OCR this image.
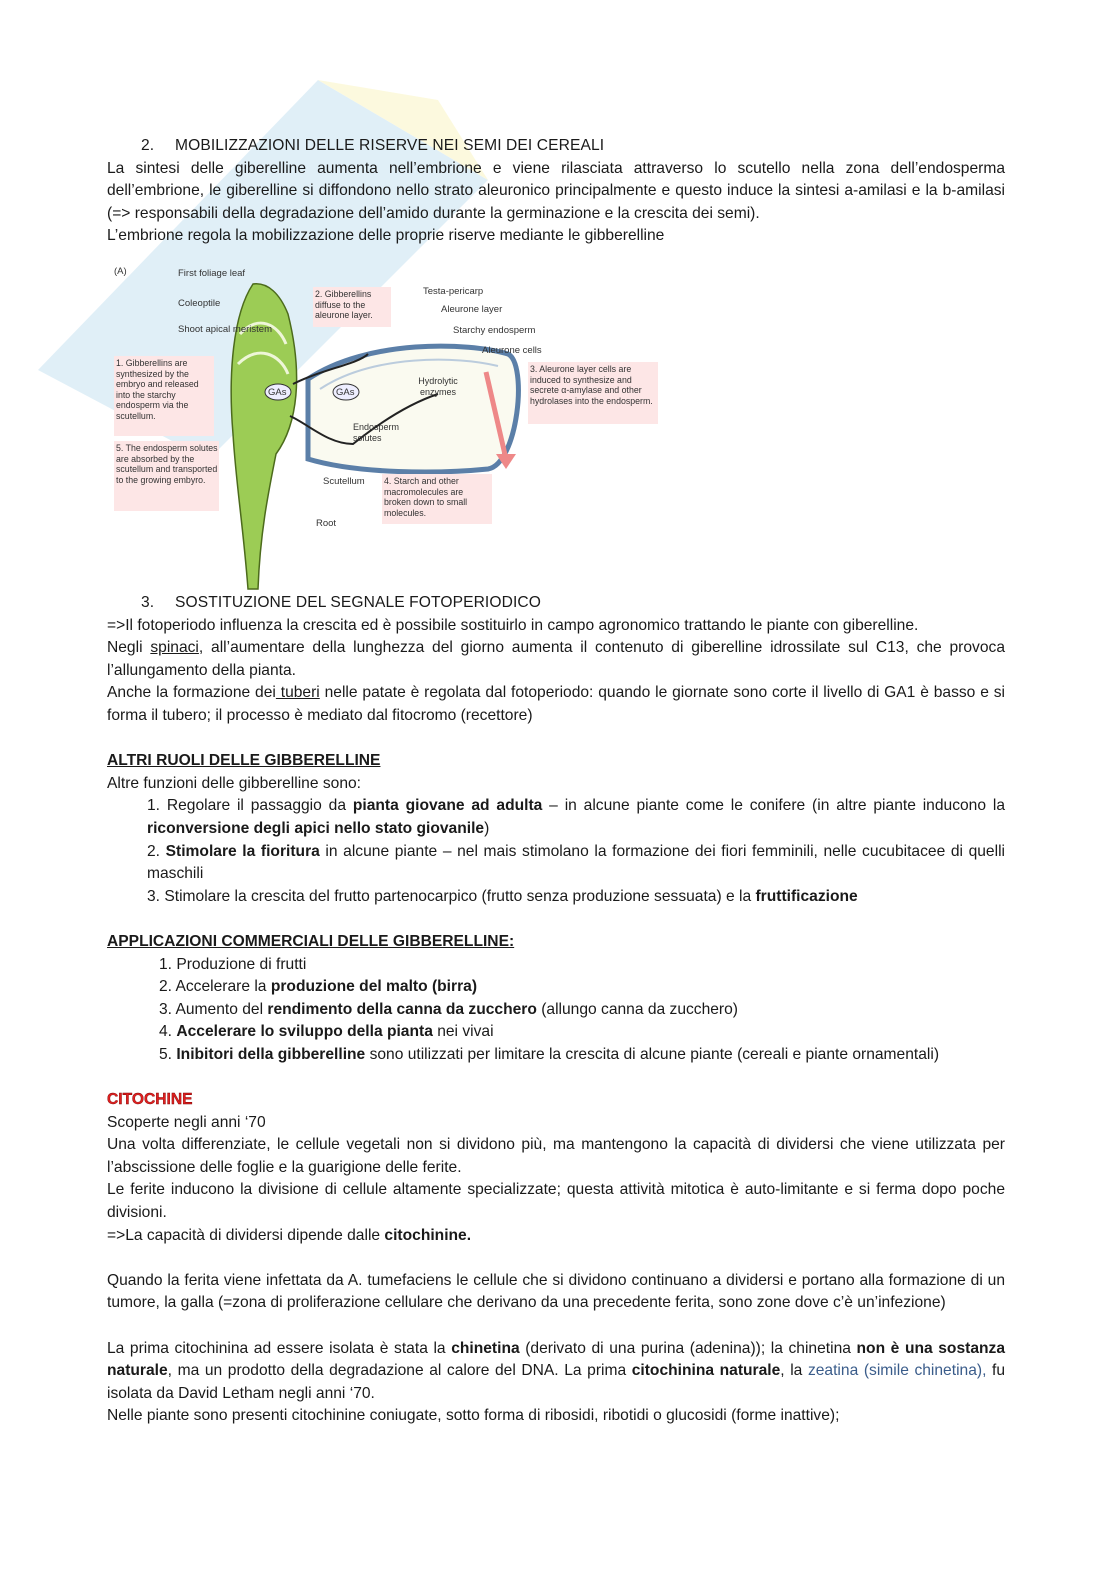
2. MOBILIZZAZIONI DELLE RISERVE NEI SEMI DEI CEREALI

La sintesi delle giberelline aumenta nell’embrione e viene rilasciata attraverso lo scutello nella zona dell’endosperma dell’embrione, le giberelline si diffondono nello strato aleuronico principalmente e questo induce la sintesi a-amilasi e la b-amilasi (=> responsabili della degradazione dell’amido durante la germinazione e la crescita dei semi).

L’embrione regola la mobilizzazione delle proprie riserve mediante le gibberelline

(A)
GAs	GAs
First foliage leaf
Coleoptile
Shoot apical meristem
1. Gibberellins are synthesized by the embryo and released into the starchy endosperm via the scutellum.
2. Gibberellins diffuse to the aleurone layer.
Testa-pericarp
Aleurone layer
Starchy endosperm
Aleurone cells
3. Aleurone layer cells are induced to synthesize and secrete α-amylase and other hydrolases into the endosperm.
Hydrolytic enzymes
Endosperm solutes
5. The endosperm solutes are absorbed by the scutellum and transported to the growing embyro.	Scutellum 4. Starch and other macromolecules are broken down to small molecules.
Root

3. SOSTITUZIONE DEL SEGNALE FOTOPERIODICO

=>Il fotoperiodo influenza la crescita ed è possibile sostituirlo in campo agronomico trattando le piante con giberelline.

Negli spinaci, all’aumentare della lunghezza del giorno aumenta il contenuto di giberelline idrossilate sul C13, che provoca l’allungamento della pianta.

Anche la formazione dei tuberi nelle patate è regolata dal fotoperiodo: quando le giornate sono corte il livello di GA1 è basso e si forma il tubero; il processo è mediato dal fitocromo (recettore)

ALTRI RUOLI DELLE GIBBERELLINE

Altre funzioni delle gibberelline sono:

1. Regolare il passaggio da pianta giovane ad adulta – in alcune piante come le conifere (in altre piante inducono la riconversione degli apici nello stato giovanile)

2. Stimolare la fioritura in alcune piante – nel mais stimolano la formazione dei fiori femminili, nelle cucubitacee di quelli maschili

3. Stimolare la crescita del frutto partenocarpico (frutto senza produzione sessuata) e la fruttificazione

APPLICAZIONI COMMERCIALI DELLE GIBBERELLINE:

1. Produzione di frutti

2. Accelerare la produzione del malto (birra)

3. Aumento del rendimento della canna da zucchero (allungo canna da zucchero)

4. Accelerare lo sviluppo della pianta nei vivai

5. Inibitori della gibberelline sono utilizzati per limitare la crescita di alcune piante (cereali e piante ornamentali)

CITOCHINE

Scoperte negli anni ‘70

Una volta differenziate, le cellule vegetali non si dividono più, ma mantengono la capacità di dividersi che viene utilizzata per l’abscissione delle foglie e la guarigione delle ferite.

Le ferite inducono la divisione di cellule altamente specializzate; questa attività mitotica è auto-limitante e si ferma dopo poche divisioni.

=>La capacità di dividersi dipende dalle citochinine.

Quando la ferita viene infettata da A. tumefaciens le cellule che si dividono continuano a dividersi e portano alla formazione di un tumore, la galla (=zona di proliferazione cellulare che derivano da una precedente ferita, sono zone dove c’è un’infezione)

La prima citochinina ad essere isolata è stata la chinetina (derivato di una purina (adenina)); la chinetina non è una sostanza naturale, ma un prodotto della degradazione al calore del DNA. La prima citochinina naturale, la zeatina (simile chinetina), fu isolata da David Letham negli anni ‘70.

Nelle piante sono presenti citochinine coniugate, sotto forma di ribosidi, ribotidi o glucosidi (forme inattive);
